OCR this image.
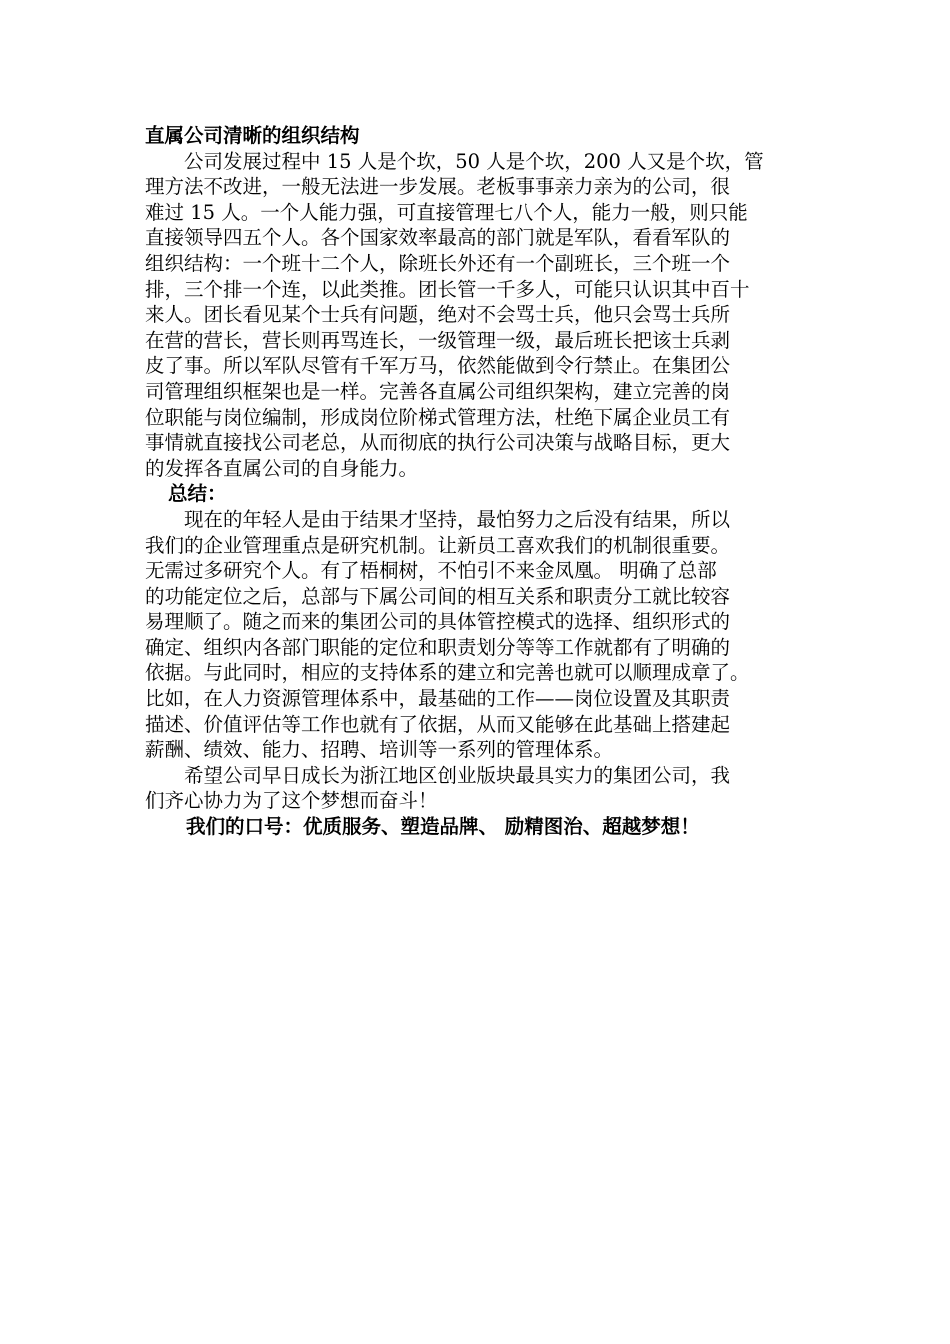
直属公司清晰的组织结构
公司发展过程中 15 人是个坎，50 人是个坎，200 人又是个坎，管
理方法不改进，一般无法进一步发展。老板事事亲力亲为的公司，很
难过 15 人。一个人能力强，可直接管理七八个人，能力一般，则只能
直接领导四五个人。各个国家效率最高的部门就是军队，看看军队的
组织结构：一个班十二个人，除班长外还有一个副班长，三个班一个
排，三个排一个连，以此类推。团长管一千多人，可能只认识其中百十
来人。团长看见某个士兵有问题，绝对不会骂士兵，他只会骂士兵所
在营的营长，营长则再骂连长，一级管理一级，最后班长把该士兵剥
皮了事。所以军队尽管有千军万马，依然能做到令行禁止。在集团公
司管理组织框架也是一样。完善各直属公司组织架构，建立完善的岗
位职能与岗位编制，形成岗位阶梯式管理方法，杜绝下属企业员工有
事情就直接找公司老总，从而彻底的执行公司决策与战略目标，更大
的发挥各直属公司的自身能力。
总结：
现在的年轻人是由于结果才坚持，最怕努力之后没有结果，所以
我们的企业管理重点是研究机制。让新员工喜欢我们的机制很重要。
无需过多研究个人。有了梧桐树，不怕引不来金凤凰。 明确了总部
的功能定位之后，总部与下属公司间的相互关系和职责分工就比较容
易理顺了。随之而来的集团公司的具体管控模式的选择、组织形式的
确定、组织内各部门职能的定位和职责划分等等工作就都有了明确的
依据。与此同时，相应的支持体系的建立和完善也就可以顺理成章了。
比如，在人力资源管理体系中，最基础的工作——岗位设置及其职责
描述、价值评估等工作也就有了依据，从而又能够在此基础上搭建起
薪酬、绩效、能力、招聘、培训等一系列的管理体系。
希望公司早日成长为浙江地区创业版块最具实力的集团公司，我
们齐心协力为了这个梦想而奋斗！
我们的口号：优质服务、塑造品牌、 励精图治、超越梦想！
